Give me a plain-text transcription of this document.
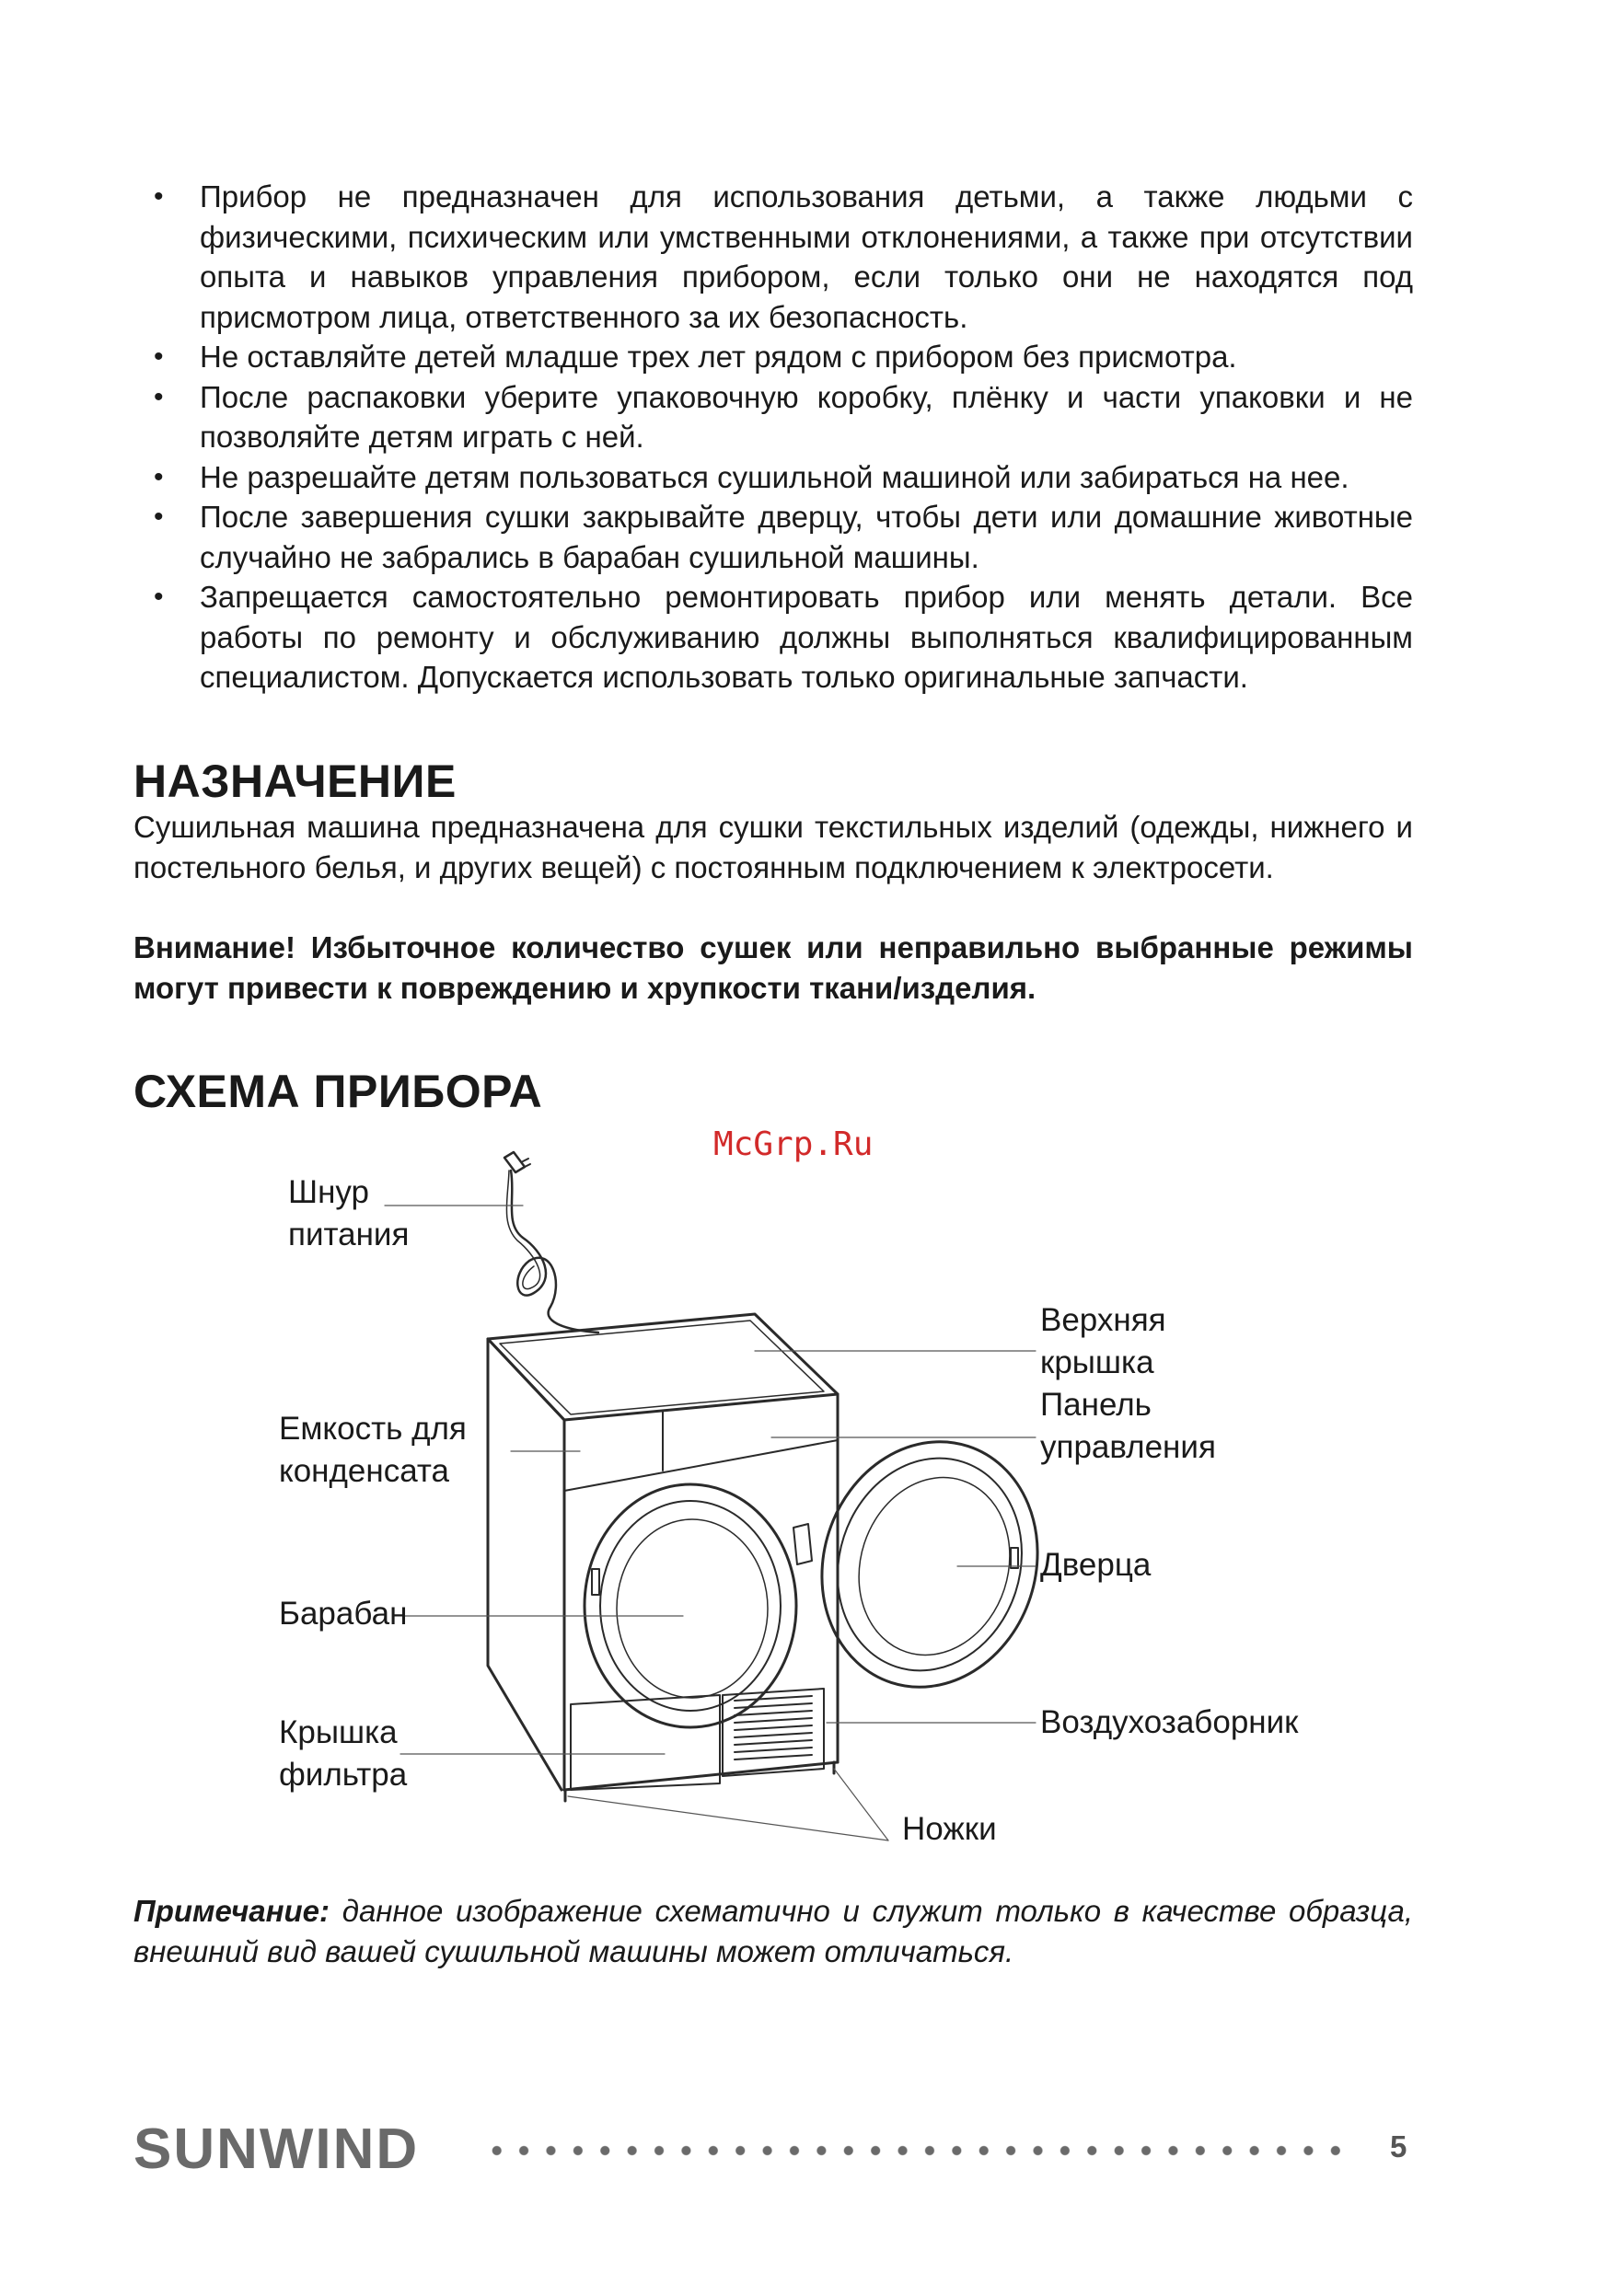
• Прибор не предназначен для использования детьми, а также людьми с физическими, психическим или умственными отклонениями, а также при отсутствии опыта и навыков управления прибором, если только они не находятся под присмотром лица, ответственного за их безопасность.
• Не оставляйте детей младше трех лет рядом с прибором без присмотра.
• После распаковки уберите упаковочную коробку, плёнку и части упаковки и не позволяйте детям играть с ней.
• Не разрешайте детям пользоваться сушильной машиной или забираться на нее.
• После завершения сушки закрывайте дверцу, чтобы дети или домашние животные случайно не забрались в барабан сушильной машины.
• Запрещается самостоятельно ремонтировать прибор или менять детали. Все работы по ремонту и обслуживанию должны выполняться квалифицированным специалистом. Допускается использовать только оригинальные запчасти.
НАЗНАЧЕНИЕ

Сушильная машина предназначена для сушки текстильных изделий (одежды, нижнего и постельного белья, и других вещей) с постоянным подключением к электросети.

Внимание! Избыточное количество сушек или неправильно выбранные режимы могут привести к повреждению и хрупкости ткани/изделия.

СХЕМА ПРИБОРА

McGrp.Ru

Шнур
питания

Верхняя
крышка

Емкость для
конденсата

Панель
управления

Дверца

Барабан

Крышка
фильтра

Воздухозаборник

Ножки

Примечание: данное изображение схематично и служит только в качестве образца, внешний вид вашей сушильной машины может отличаться.

SUNWIND	5
